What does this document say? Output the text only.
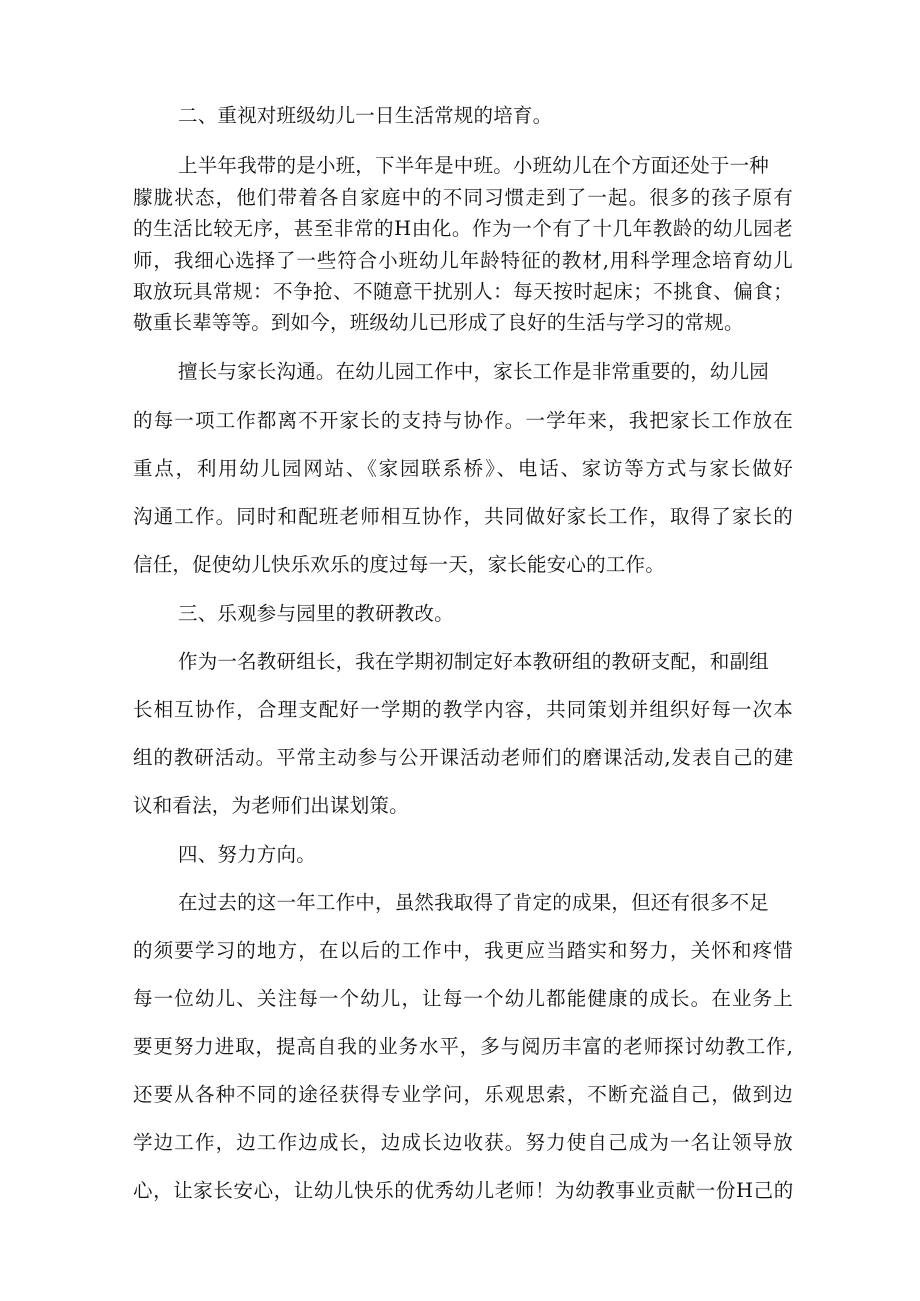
二、重视对班级幼儿一日生活常规的培育。
上半年我带的是小班，下半年是中班。小班幼儿在个方面还处于一种
朦胧状态，他们带着各自家庭中的不同习惯走到了一起。很多的孩子原有
的生活比较无序，甚至非常的H由化。作为一个有了十几年教龄的幼儿园老
师，我细心选择了一些符合小班幼儿年龄特征的教材,用科学理念培育幼儿
取放玩具常规：不争抢、不随意干扰别人：每天按时起床；不挑食、偏食；
敬重长辈等等。到如今，班级幼儿已形成了良好的生活与学习的常规。
擅长与家长沟通。在幼儿园工作中，家长工作是非常重要的，幼儿园
的每一项工作都离不开家长的支持与协作。一学年来，我把家长工作放在
重点，利用幼儿园网站、《家园联系桥》、电话、家访等方式与家长做好
沟通工作。同时和配班老师相互协作，共同做好家长工作，取得了家长的
信任，促使幼儿快乐欢乐的度过每一天，家长能安心的工作。
三、乐观参与园里的教研教改。
作为一名教研组长，我在学期初制定好本教研组的教研支配，和副组
长相互协作，合理支配好一学期的教学内容，共同策划并组织好每一次本
组的教研活动。平常主动参与公开课活动老师们的磨课活动,发表自己的建
议和看法，为老师们出谋划策。
四、努力方向。
在过去的这一年工作中，虽然我取得了肯定的成果，但还有很多不足
的须要学习的地方，在以后的工作中，我更应当踏实和努力，关怀和疼惜
每一位幼儿、关注每一个幼儿，让每一个幼儿都能健康的成长。在业务上
要更努力进取，提高自我的业务水平，多与阅历丰富的老师探讨幼教工作,
还要从各种不同的途径获得专业学问，乐观思索，不断充溢自己，做到边
学边工作，边工作边成长，边成长边收获。努力使自己成为一名让领导放
心，让家长安心，让幼儿快乐的优秀幼儿老师！为幼教事业贡献一份H己的
